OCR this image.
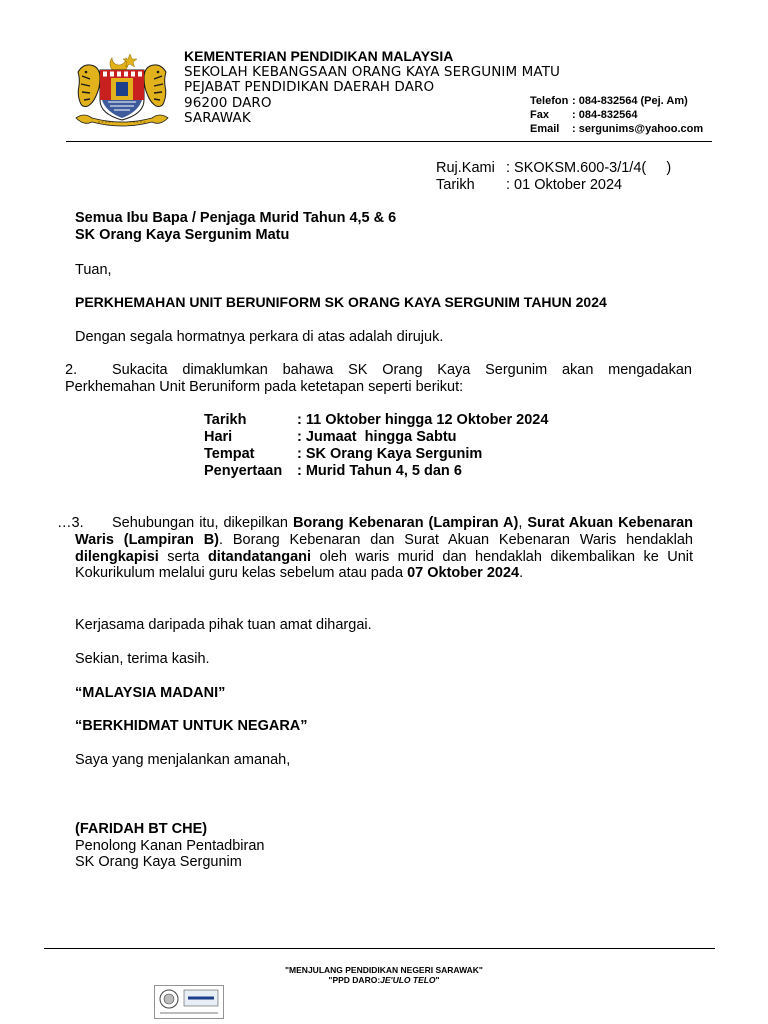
KEMENTERIAN PENDIDIKAN MALAYSIA
SEKOLAH KEBANGSAAN ORANG KAYA SERGUNIM MATU
PEJABAT PENDIDIKAN DAERAH DARO
96200 DARO
SARAWAK
Telefon : 084-832564 (Pej. Am)
Fax	: 084-832564
Email	: sergunims@yahoo.com
Ruj.Kami : SKOKSM.600-3/1/4(     )
Tarikh	: 01 Oktober 2024
Semua Ibu Bapa / Penjaga Murid Tahun 4,5 & 6
SK Orang Kaya Sergunim Matu
Tuan,
PERKHEMAHAN UNIT BERUNIFORM SK ORANG KAYA SERGUNIM TAHUN 2024
Dengan segala hormatnya perkara di atas adalah dirujuk.
2. Sukacita dimaklumkan bahawa SK Orang Kaya Sergunim akan mengadakan Perkhemahan Unit Beruniform pada ketetapan seperti berikut:
Tarikh	: 11 Oktober hingga 12 Oktober 2024
Hari	: Jumaat  hingga Sabtu
Tempat	: SK Orang Kaya Sergunim
Penyertaan	: Murid Tahun 4, 5 dan 6
…3. Sehubungan itu, dikepilkan Borang Kebenaran (Lampiran A), Surat Akuan Kebenaran Waris (Lampiran B). Borang Kebenaran dan Surat Akuan Kebenaran Waris hendaklah dilengkapisi serta ditandatangani oleh waris murid dan hendaklah dikembalikan ke Unit Kokurikulum melalui guru kelas sebelum atau pada 07 Oktober 2024.
Kerjasama daripada pihak tuan amat dihargai.
Sekian, terima kasih.
“MALAYSIA MADANI”
“BERKHIDMAT UNTUK NEGARA”
Saya yang menjalankan amanah,
(FARIDAH BT CHE)
Penolong Kanan Pentadbiran
SK Orang Kaya Sergunim
"MENJULANG PENDIDIKAN NEGERI SARAWAK"
"PPD DARO:JE'ULO TELO"
